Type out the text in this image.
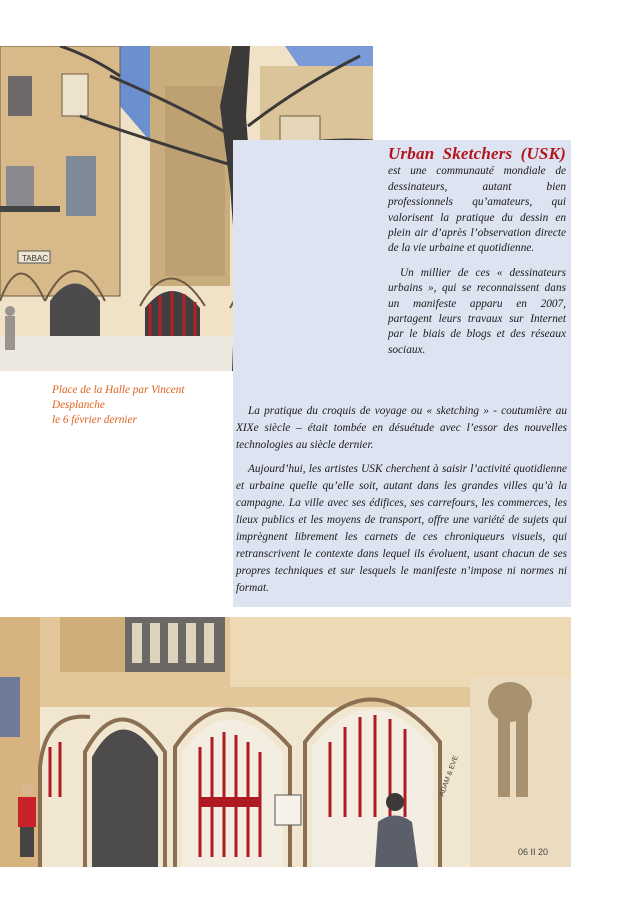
TABAC
Place de la Halle par Vincent Desplanche
le 6 février dernier

Urban Sketchers (USK) est une communauté mondiale de dessinateurs, autant bien professionnels qu’amateurs, qui valorisent la pratique du dessin en plein air d’après l’observation directe de la vie urbaine et quotidienne.

Un millier de ces « dessinateurs urbains », qui se reconnaissent dans un manifeste apparu en 2007, partagent leurs travaux sur Internet par le biais de blogs et des réseaux sociaux.

La pratique du croquis de voyage ou « sketching » - coutumière au XIXe siècle – était tombée en désuétude avec l’essor des nouvelles technologies au siècle dernier.

Aujourd’hui, les artistes USK cherchent à saisir l’activité quotidienne et urbaine quelle qu’elle soit, autant dans les grandes villes qu’à la campagne. La ville avec ses édifices, ses carrefours, les commerces, les lieux publics et les moyens de transport, offre une variété de sujets qui imprègnent librement les carnets de ces chroniqueurs visuels, qui retranscrivent le contexte dans lequel ils évoluent, usant chacun de ses propres techniques et sur lesquels le manifeste n’impose ni normes ni format.

ADAM & EVE
06 II 20
